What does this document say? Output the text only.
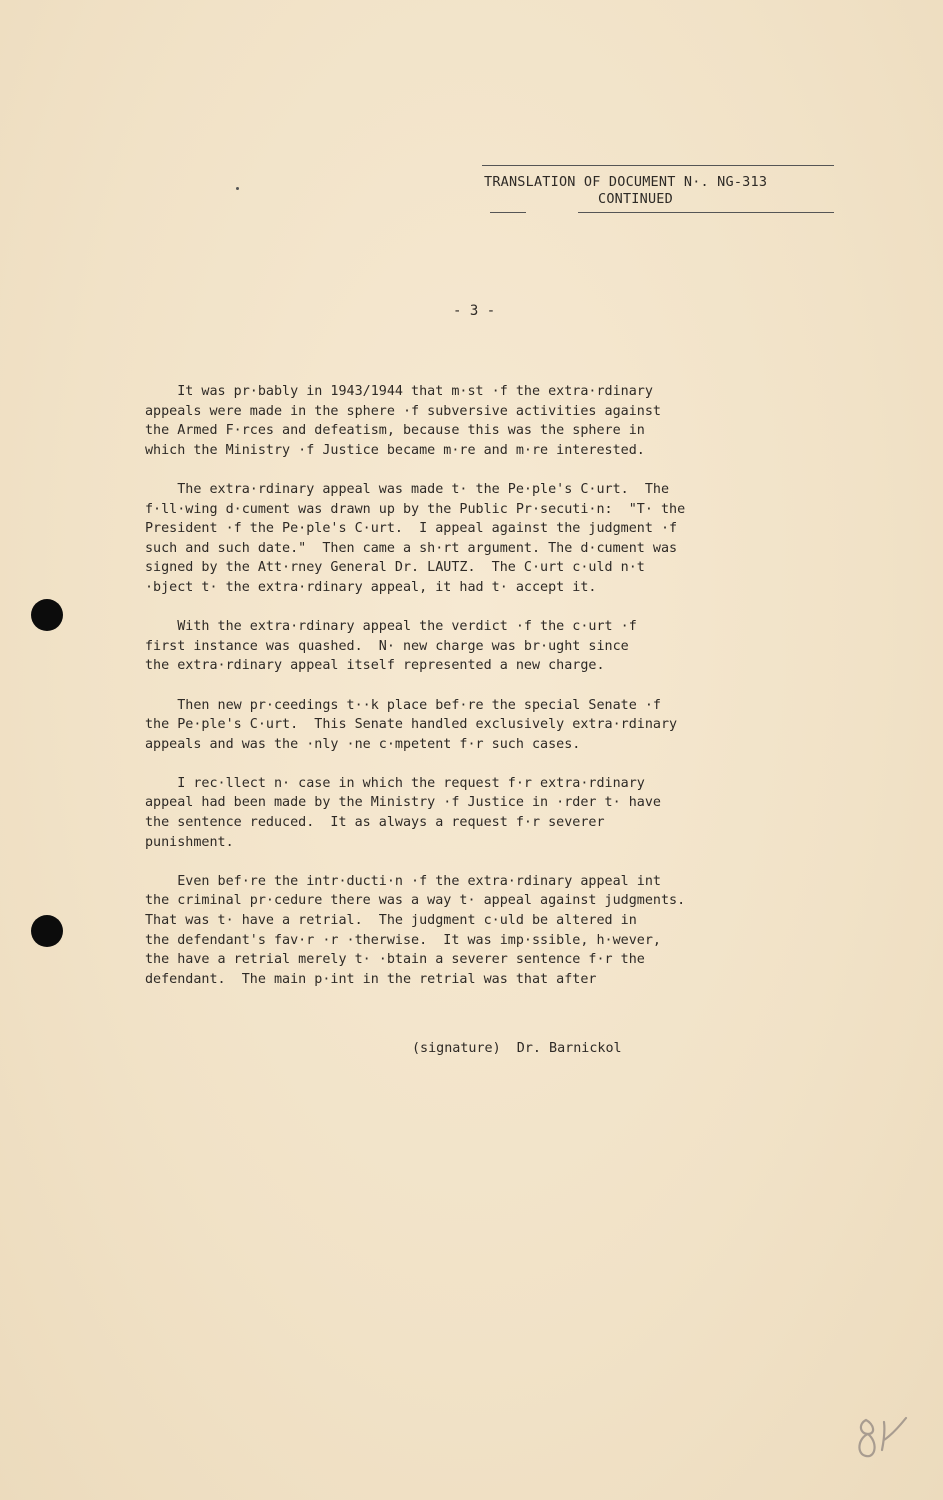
TRANSLATION OF DOCUMENT N·. NG-313
CONTINUED
- 3 -
It was pr·bably in 1943/1944 that m·st ·f the extra·rdinary
appeals were made in the sphere ·f subversive activities against
the Armed F·rces and defeatism, because this was the sphere in
which the Ministry ·f Justice became m·re and m·re interested.
The extra·rdinary appeal was made t· the Pe·ple's C·urt.  The
f·ll·wing d·cument was drawn up by the Public Pr·secuti·n:  "T· the
President ·f the Pe·ple's C·urt.  I appeal against the judgment ·f
such and such date."  Then came a sh·rt argument. The d·cument was
signed by the Att·rney General Dr. LAUTZ.  The C·urt c·uld n·t
·bject t· the extra·rdinary appeal, it had t· accept it.
With the extra·rdinary appeal the verdict ·f the c·urt ·f
first instance was quashed.  N· new charge was br·ught since
the extra·rdinary appeal itself represented a new charge.
Then new pr·ceedings t··k place bef·re the special Senate ·f
the Pe·ple's C·urt.  This Senate handled exclusively extra·rdinary
appeals and was the ·nly ·ne c·mpetent f·r such cases.
I rec·llect n· case in which the request f·r extra·rdinary
appeal had been made by the Ministry ·f Justice in ·rder t· have
the sentence reduced.  It as always a request f·r severer
punishment.
Even bef·re the intr·ducti·n ·f the extra·rdinary appeal int
the criminal pr·cedure there was a way t· appeal against judgments.
That was t· have a retrial.  The judgment c·uld be altered in
the defendant's fav·r ·r ·therwise.  It was imp·ssible, h·wever,
the have a retrial merely t· ·btain a severer sentence f·r the
defendant.  The main p·int in the retrial was that after
(signature)  Dr. Barnickol
